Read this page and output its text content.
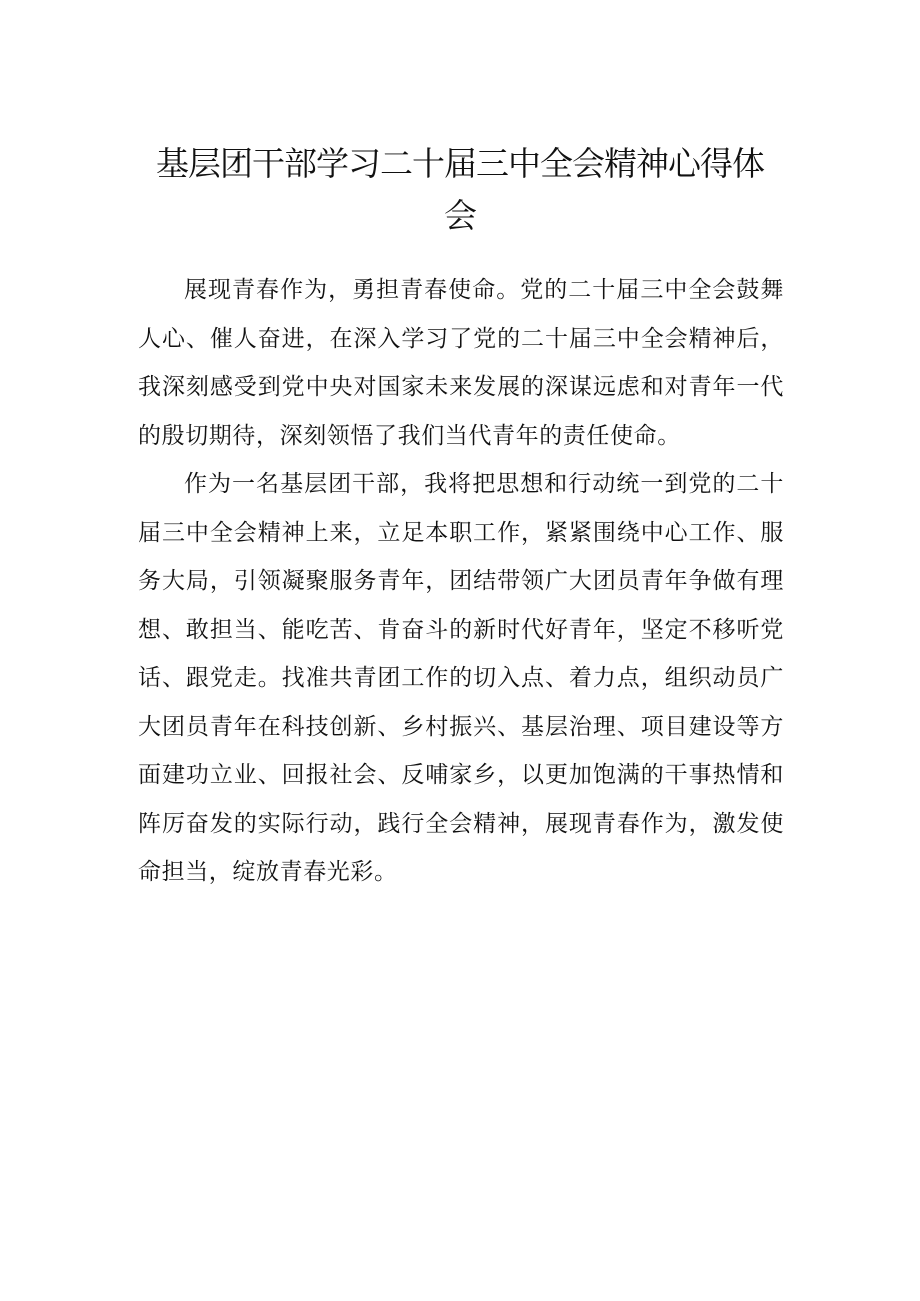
基层团干部学习二十届三中全会精神心得体会

展现青春作为，勇担青春使命。党的二十届三中全会鼓舞人心、催人奋进，在深入学习了党的二十届三中全会精神后，我深刻感受到党中央对国家未来发展的深谋远虑和对青年一代的殷切期待，深刻领悟了我们当代青年的责任使命。

作为一名基层团干部，我将把思想和行动统一到党的二十届三中全会精神上来，立足本职工作，紧紧围绕中心工作、服务大局，引领凝聚服务青年，团结带领广大团员青年争做有理想、敢担当、能吃苦、肯奋斗的新时代好青年，坚定不移听党话、跟党走。找准共青团工作的切入点、着力点，组织动员广大团员青年在科技创新、乡村振兴、基层治理、项目建设等方面建功立业、回报社会、反哺家乡，以更加饱满的干事热情和阵厉奋发的实际行动，践行全会精神，展现青春作为，激发使命担当，绽放青春光彩。
